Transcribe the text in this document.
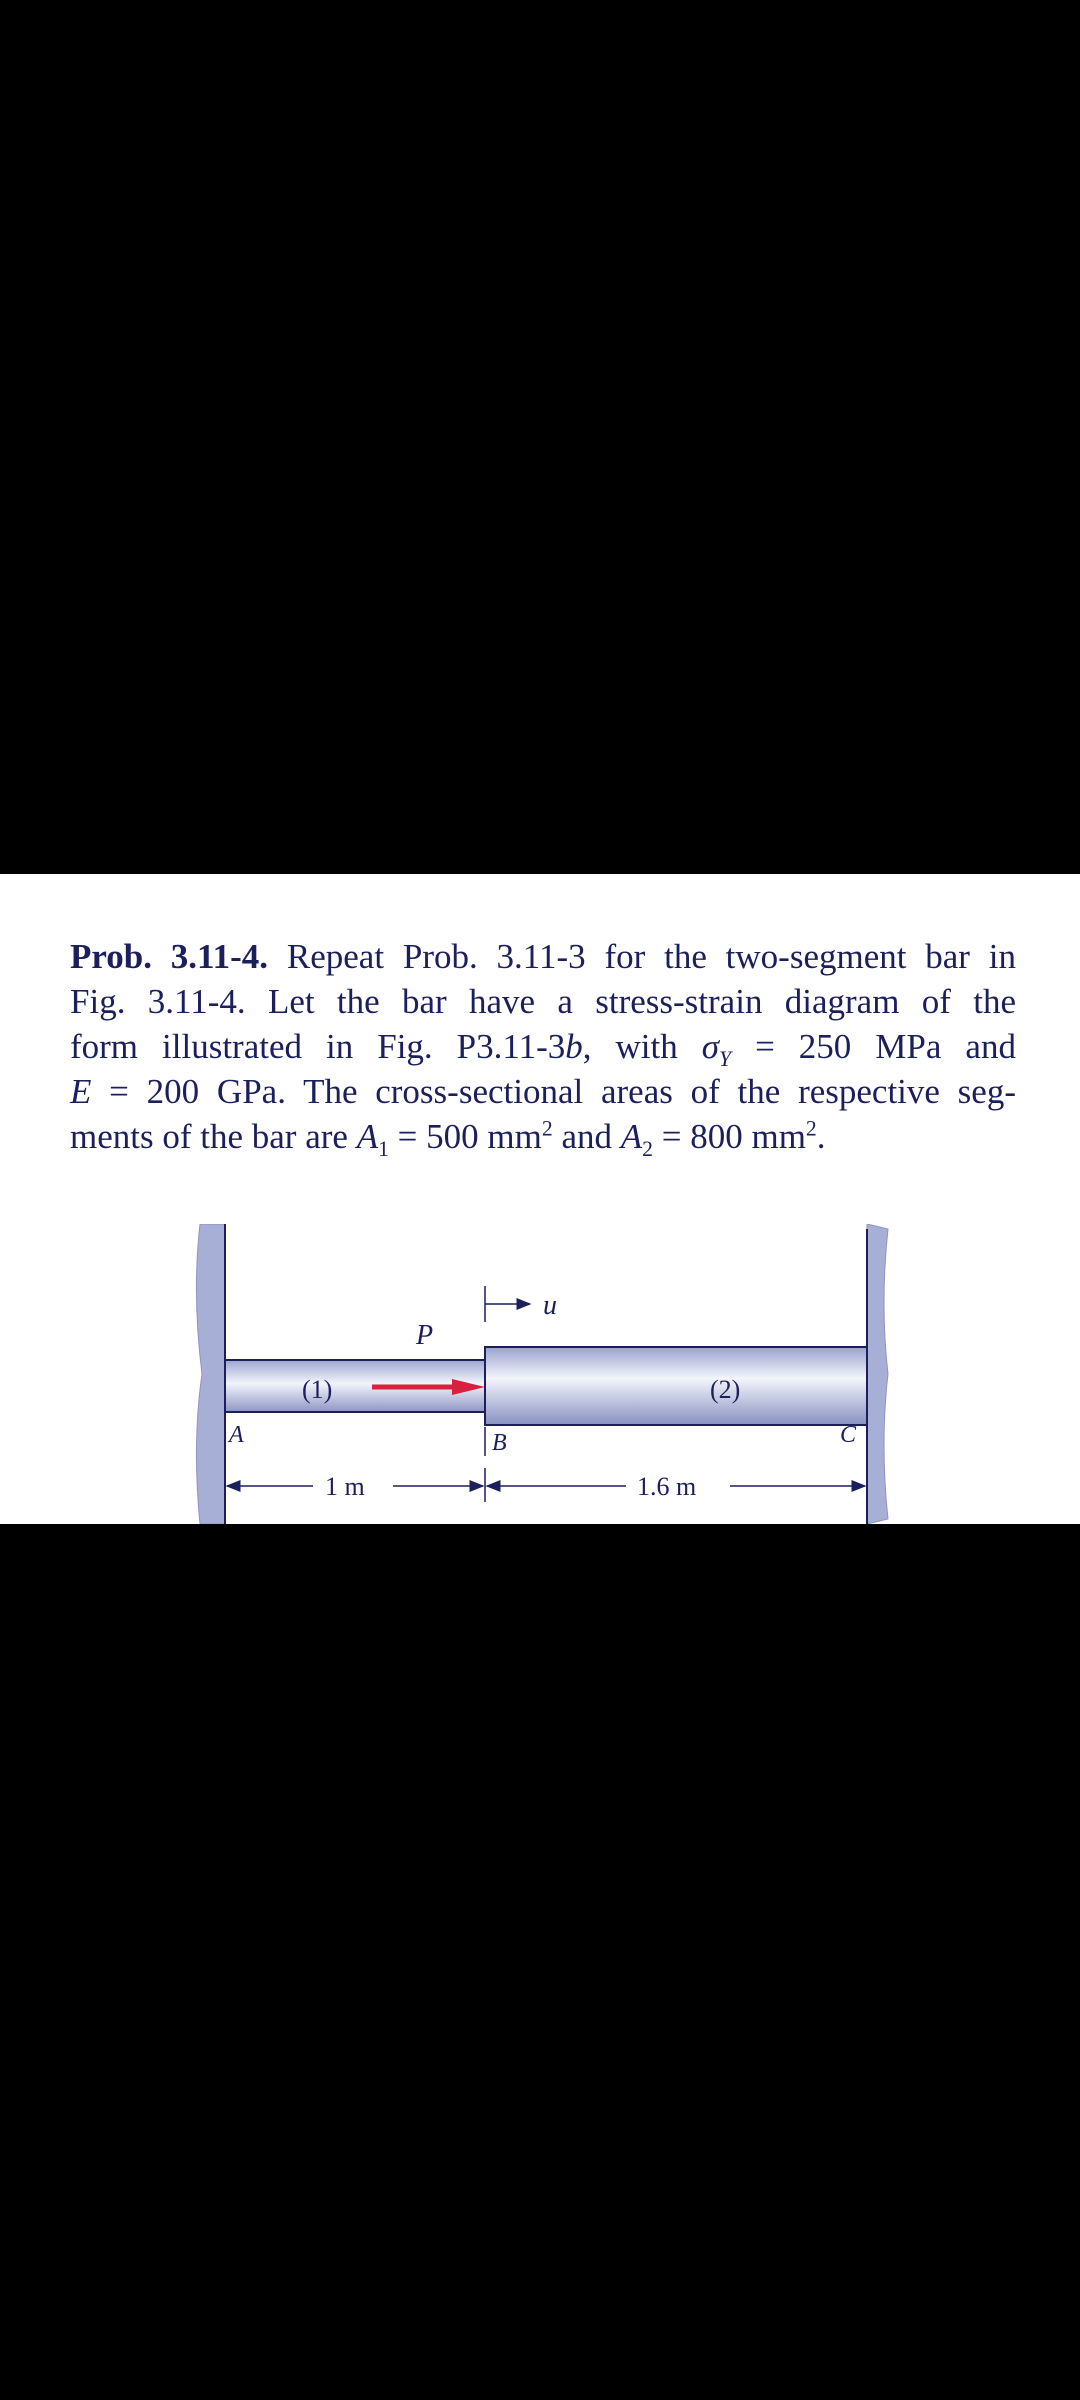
Prob. 3.11-4. Repeat Prob. 3.11-3 for the two-segment bar in
Fig. 3.11-4. Let the bar have a stress-strain diagram of the
form illustrated in Fig. P3.11-3b, with $\sigma_Y = 250$ MPa and
E = 200 GPa. The cross-sectional areas of the respective seg-
ments of the bar are $A_1 = 500$ $mm^2$ and $A_2 = 800$ $mm^2$.
P
u
(1)	(2)
A	B	C
1 m	1.6 m
